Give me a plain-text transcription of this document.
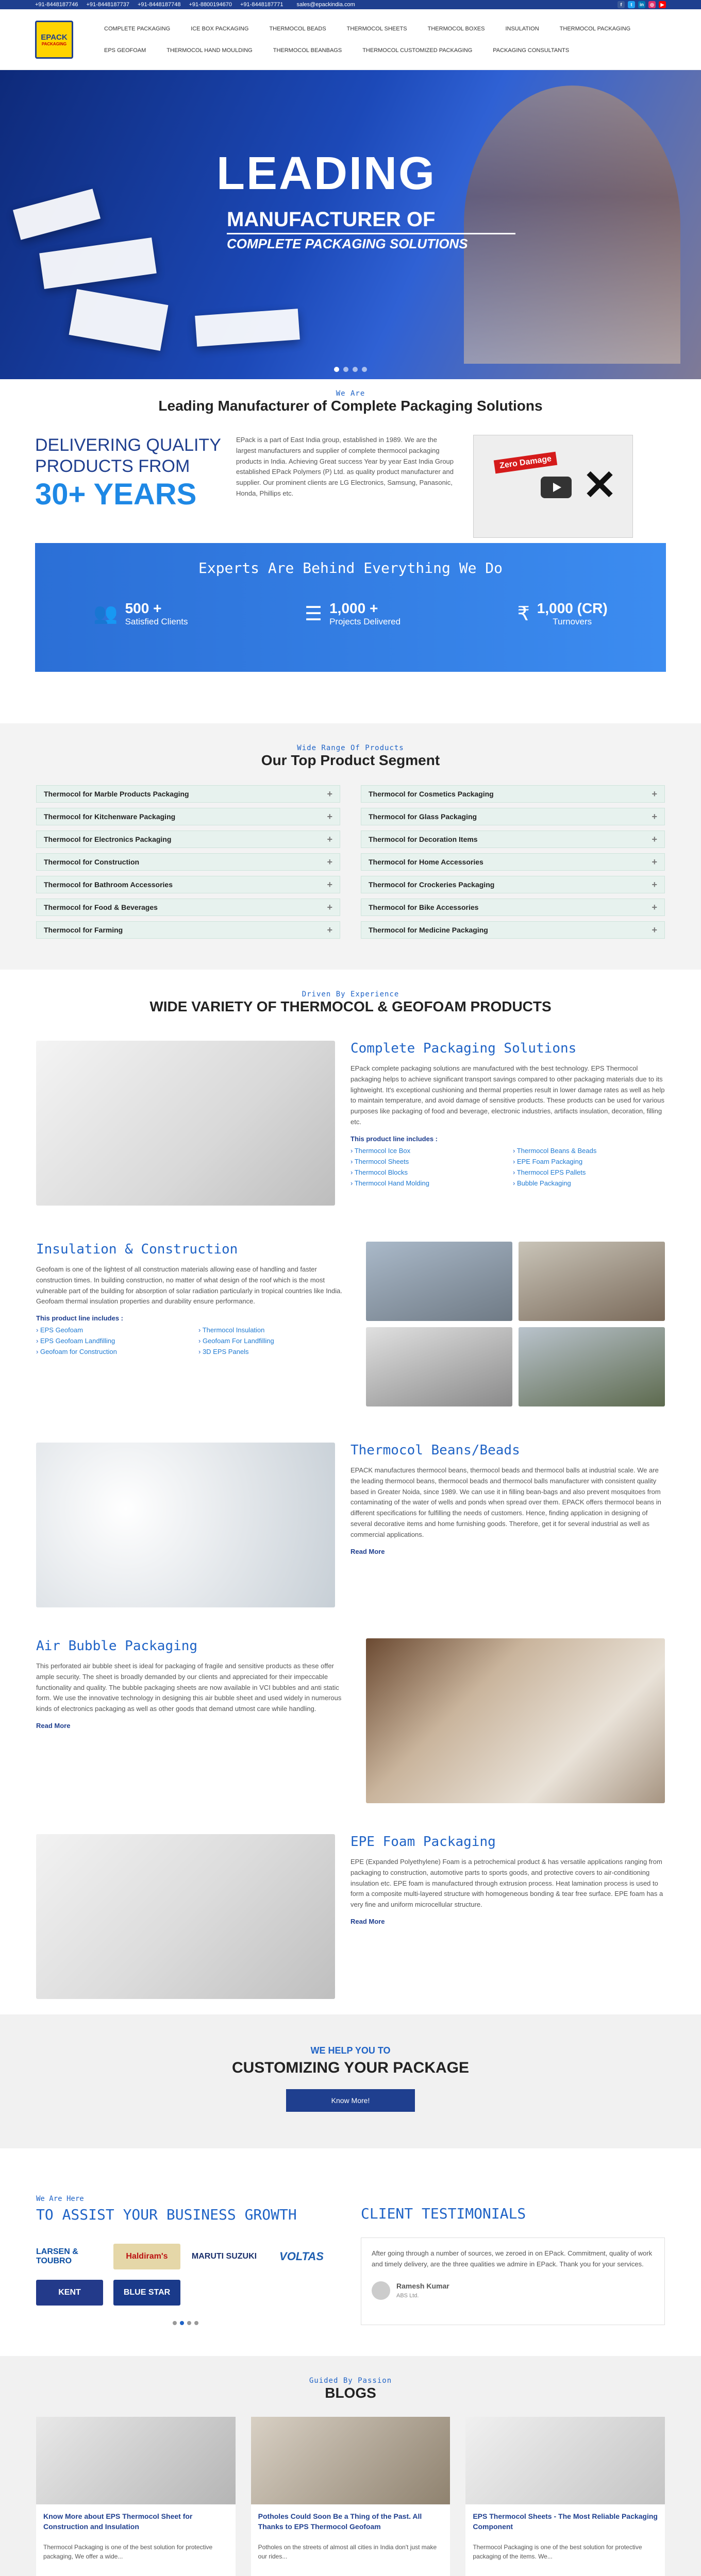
+91-8448187746 +91-8448187737 +91-8448187748 +91-8800194670 +91-8448187771 sales@epackindia.com	f	t	in	◎	▶
EPACK
PACKAGING
COMPLETE PACKAGING	ICE BOX PACKAGING	THERMOCOL BEADS	THERMOCOL SHEETS	THERMOCOL BOXES	INSULATION	THERMOCOL PACKAGING
EPS GEOFOAM	THERMOCOL HAND MOULDING	THERMOCOL BEANBAGS	THERMOCOL CUSTOMIZED PACKAGING	PACKAGING CONSULTANTS
LEADING
MANUFACTURER OF
COMPLETE PACKAGING SOLUTIONS
We Are
Leading Manufacturer of Complete Packaging Solutions
DELIVERING QUALITY PRODUCTS FROM
30+ YEARS
EPack is a part of East India group, established in 1989. We are the largest manufacturers and supplier of complete thermocol packaging products in India. Achieving Great success Year by year East India Group established EPack Polymers (P) Ltd. as quality product manufacturer and supplier. Our prominent clients are LG Electronics, Samsung, Panasonic, Honda, Phillips etc.
Zero Damage ✕
Experts Are Behind Everything We Do
👥 500 +
Satisfied Clients	☰ 1,000 +
Projects Delivered	₹ 1,000 (CR)
Turnovers
Wide Range Of Products
Our Top Product Segment
Thermocol for Marble Products Packaging	+	Thermocol for Cosmetics Packaging	+
Thermocol for Kitchenware Packaging	+	Thermocol for Glass Packaging	+
Thermocol for Electronics Packaging	+	Thermocol for Decoration Items	+
Thermocol for Construction	+	Thermocol for Home Accessories	+
Thermocol for Bathroom Accessories	+	Thermocol for Crockeries Packaging	+
Thermocol for Food & Beverages	+	Thermocol for Bike Accessories	+
Thermocol for Farming	+	Thermocol for Medicine Packaging	+
Driven By Experience
WIDE VARIETY OF THERMOCOL & GEOFOAM PRODUCTS
Complete Packaging Solutions

EPack complete packaging solutions are manufactured with the best technology. EPS Thermocol packaging helps to achieve significant transport savings compared to other packaging materials due to its lightweight. It's exceptional cushioning and thermal properties result in lower damage rates as well as help to maintain temperature, and avoid damage of sensitive products. These products can be used for various purposes like packaging of food and beverage, electronic industries, artifacts insulation, decoration, filling etc.

This product line includes :
› Thermocol Ice Box	› Thermocol Beans & Beads
› Thermocol Sheets	› EPE Foam Packaging
› Thermocol Blocks	› Thermocol EPS Pallets
› Thermocol Hand Molding	› Bubble Packaging
Insulation & Construction

Geofoam is one of the lightest of all construction materials allowing ease of handling and faster construction times. In building construction, no matter of what design of the roof which is the most vulnerable part of the building for absorption of solar radiation particularly in tropical countries like India. Geofoam thermal insulation properties and durability ensure performance.

This product line includes :
› EPS Geofoam	› Thermocol Insulation
› EPS Geofoam Landfilling	› Geofoam For Landfilling
› Geofoam for Construction	› 3D EPS Panels
Thermocol Beans/Beads

EPACK manufactures thermocol beans, thermocol beads and thermocol balls at industrial scale. We are the leading thermocol beans, thermocol beads and thermocol balls manufacturer with consistent quality based in Greater Noida, since 1989. We can use it in filling bean-bags and also prevent mosquitoes from contaminating of the water of wells and ponds when spread over them. EPACK offers thermocol beans in different specifications for fulfilling the needs of customers. Hence, finding application in designing of several decorative items and home furnishing goods. Therefore, get it for several industrial as well as commercial applications.

Read More
Air Bubble Packaging

This perforated air bubble sheet is ideal for packaging of fragile and sensitive products as these offer ample security. The sheet is broadly demanded by our clients and appreciated for their impeccable functionality and quality. The bubble packaging sheets are now available in VCI bubbles and anti static form. We use the innovative technology in designing this air bubble sheet and used widely in numerous kinds of electronics packaging as well as other goods that demand utmost care while handling.

Read More
EPE Foam Packaging

EPE (Expanded Polyethylene) Foam is a petrochemical product & has versatile applications ranging from packaging to construction, automotive parts to sports goods, and protective covers to air-conditioning insulation etc. EPE foam is manufactured through extrusion process. Heat lamination process is used to form a composite multi-layered structure with homogeneous bonding & tear free surface. EPE foam has a very fine and uniform microcellular structure.

Read More
WE HELP YOU TO
CUSTOMIZING YOUR PACKAGE
Know More!
We Are Here
TO ASSIST YOUR BUSINESS GROWTH
LARSEN & TOUBRO
Haldiram's	MARUTI SUZUKI	VOLTAS
KENT	BLUE STAR
CLIENT TESTIMONIALS

After going through a number of sources, we zeroed in on EPack. Commitment, quality of work and timely delivery, are the three qualities we admire in EPack. Thank you for your services.

Ramesh Kumar
ABS Ltd.
Guided By Passion
BLOGS
Know More about EPS Thermocol Sheet for Construction and Insulation
Thermocol Packaging is one of the best solution for protective packaging, We offer a wide...
Potholes Could Soon Be a Thing of the Past. All Thanks to EPS Thermocol Geofoam
Potholes on the streets of almost all cities in India don't just make our rides...
EPS Thermocol Sheets - The Most Reliable Packaging Component
Thermocol Packaging is one of the best solution for protective packaging of the items. We...
